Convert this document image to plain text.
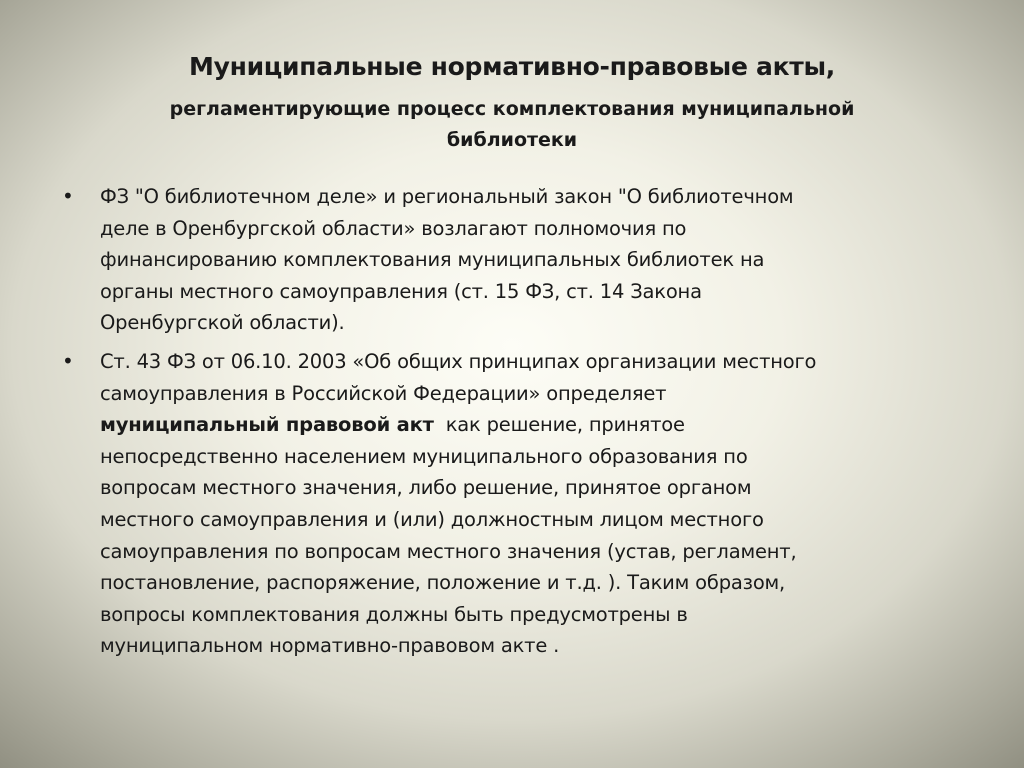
Муниципальные нормативно-правовые акты,

регламентирующие процесс комплектования муниципальной
библиотеки

• ФЗ "О библиотечном деле» и региональный закон "О библиотечном
деле в Оренбургской области» возлагают полномочия по
финансированию комплектования муниципальных библиотек на
органы местного самоуправления (ст. 15 ФЗ, ст. 14 Закона
Оренбургской области).
• Ст. 43 ФЗ от 06.10. 2003 «Об общих принципах организации местного
самоуправления в Российской Федерации» определяет
муниципальный правовой акт  как решение, принятое
непосредственно населением муниципального образования по
вопросам местного значения, либо решение, принятое органом
местного самоуправления и (или) должностным лицом местного
самоуправления по вопросам местного значения (устав, регламент,
постановление, распоряжение, положение и т.д. ). Таким образом,
вопросы комплектования должны быть предусмотрены в
муниципальном нормативно-правовом акте .
